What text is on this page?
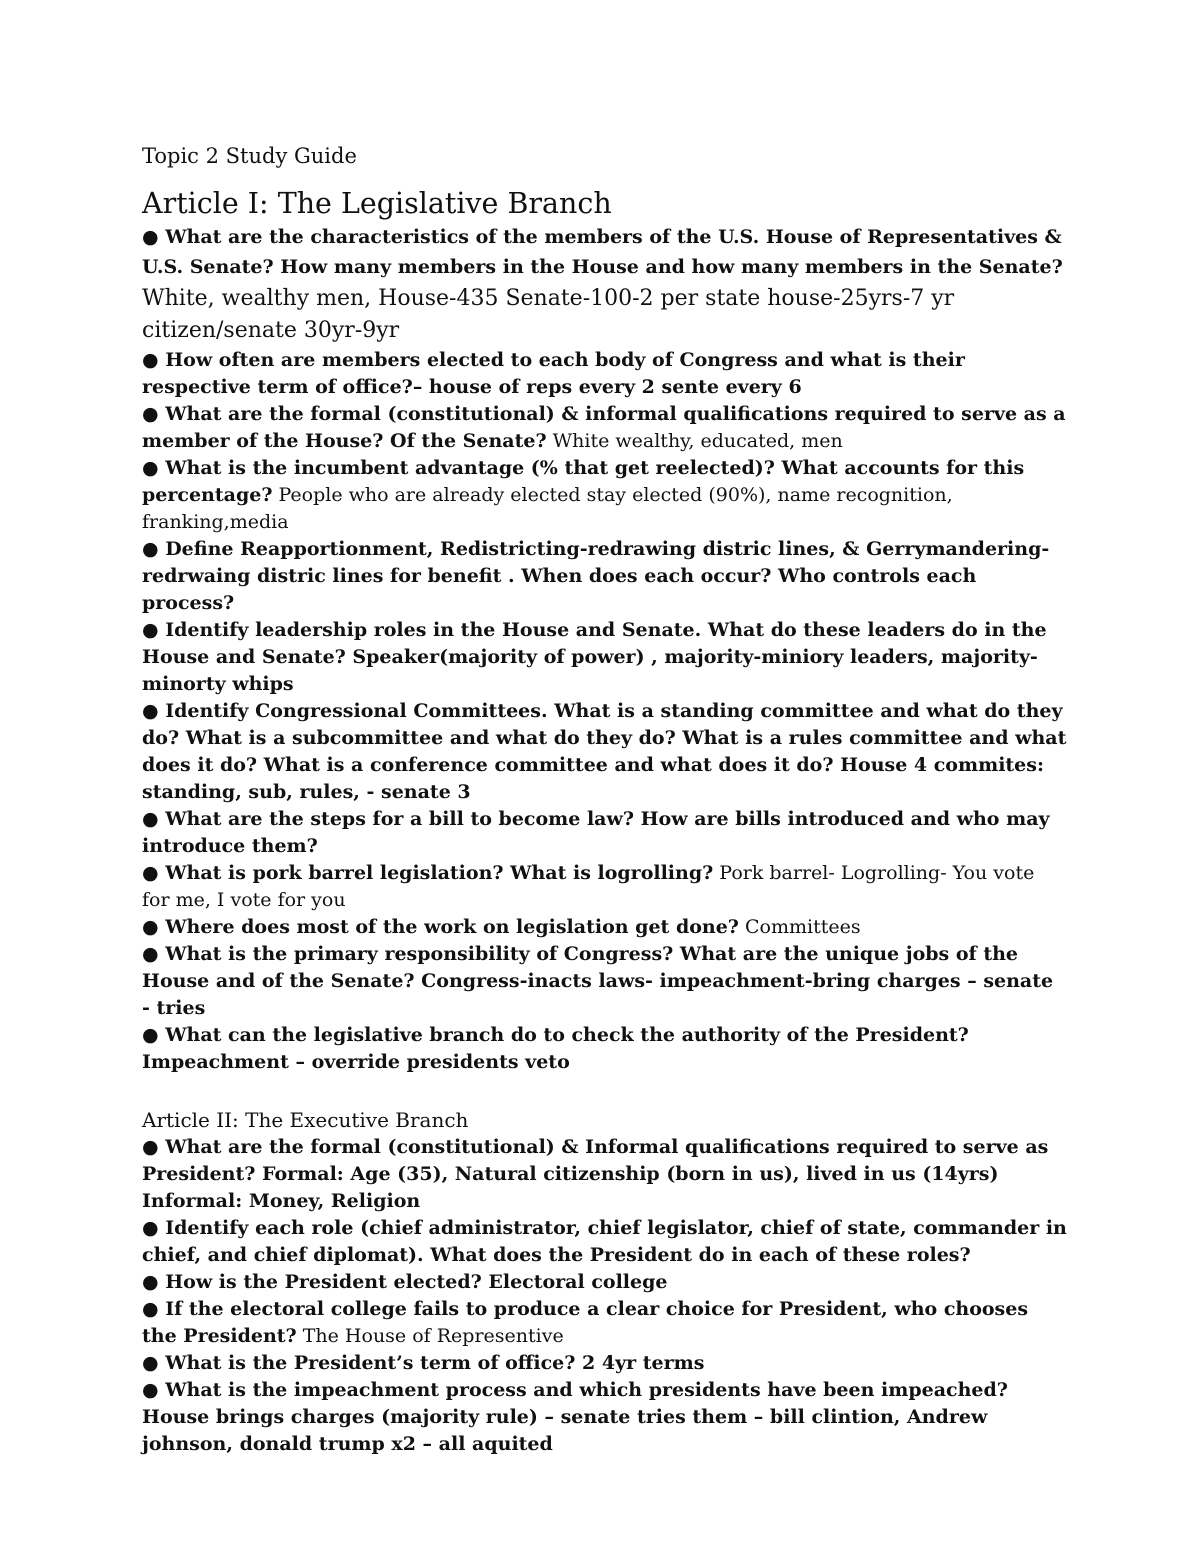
Topic 2 Study Guide

Article I: The Legislative Branch

● What are the characteristics of the members of the U.S. House of Representatives & U.S. Senate? How many members in the House and how many members in the Senate? White, wealthy men, House-435 Senate-100-2 per state house-25yrs-7 yr citizen/senate 30yr-9yr

● How often are members elected to each body of Congress and what is their respective term of office?– house of reps every 2 sente every 6

● What are the formal (constitutional) & informal qualifications required to serve as a member of the House? Of the Senate? White wealthy, educated, men

● What is the incumbent advantage (% that get reelected)? What accounts for this percentage? People who are already elected stay elected (90%), name recognition, franking,media

● Define Reapportionment, Redistricting-redrawing distric lines, & Gerrymandering-redrwaing distric lines for benefit . When does each occur? Who controls each process?

● Identify leadership roles in the House and Senate. What do these leaders do in the House and Senate? Speaker(majority of power) , majority-miniory leaders, majority-minorty whips

● Identify Congressional Committees. What is a standing committee and what do they do? What is a subcommittee and what do they do? What is a rules committee and what does it do? What is a conference committee and what does it do? House 4 commites: standing, sub, rules, - senate 3

● What are the steps for a bill to become law? How are bills introduced and who may introduce them?

● What is pork barrel legislation? What is logrolling? Pork barrel- Logrolling- You vote for me, I vote for you

● Where does most of the work on legislation get done? Committees

● What is the primary responsibility of Congress? What are the unique jobs of the House and of the Senate? Congress-inacts laws- impeachment-bring charges – senate - tries

● What can the legislative branch do to check the authority of the President? Impeachment – override presidents veto

Article II: The Executive Branch

● What are the formal (constitutional) & Informal qualifications required to serve as President? Formal: Age (35), Natural citizenship (born in us), lived in us (14yrs) Informal: Money, Religion

● Identify each role (chief administrator, chief legislator, chief of state, commander in chief, and chief diplomat). What does the President do in each of these roles?

● How is the President elected? Electoral college

● If the electoral college fails to produce a clear choice for President, who chooses the President? The House of Representive

● What is the President’s term of office? 2 4yr terms

● What is the impeachment process and which presidents have been impeached? House brings charges (majority rule) – senate tries them – bill clintion, Andrew johnson, donald trump x2 – all aquited
